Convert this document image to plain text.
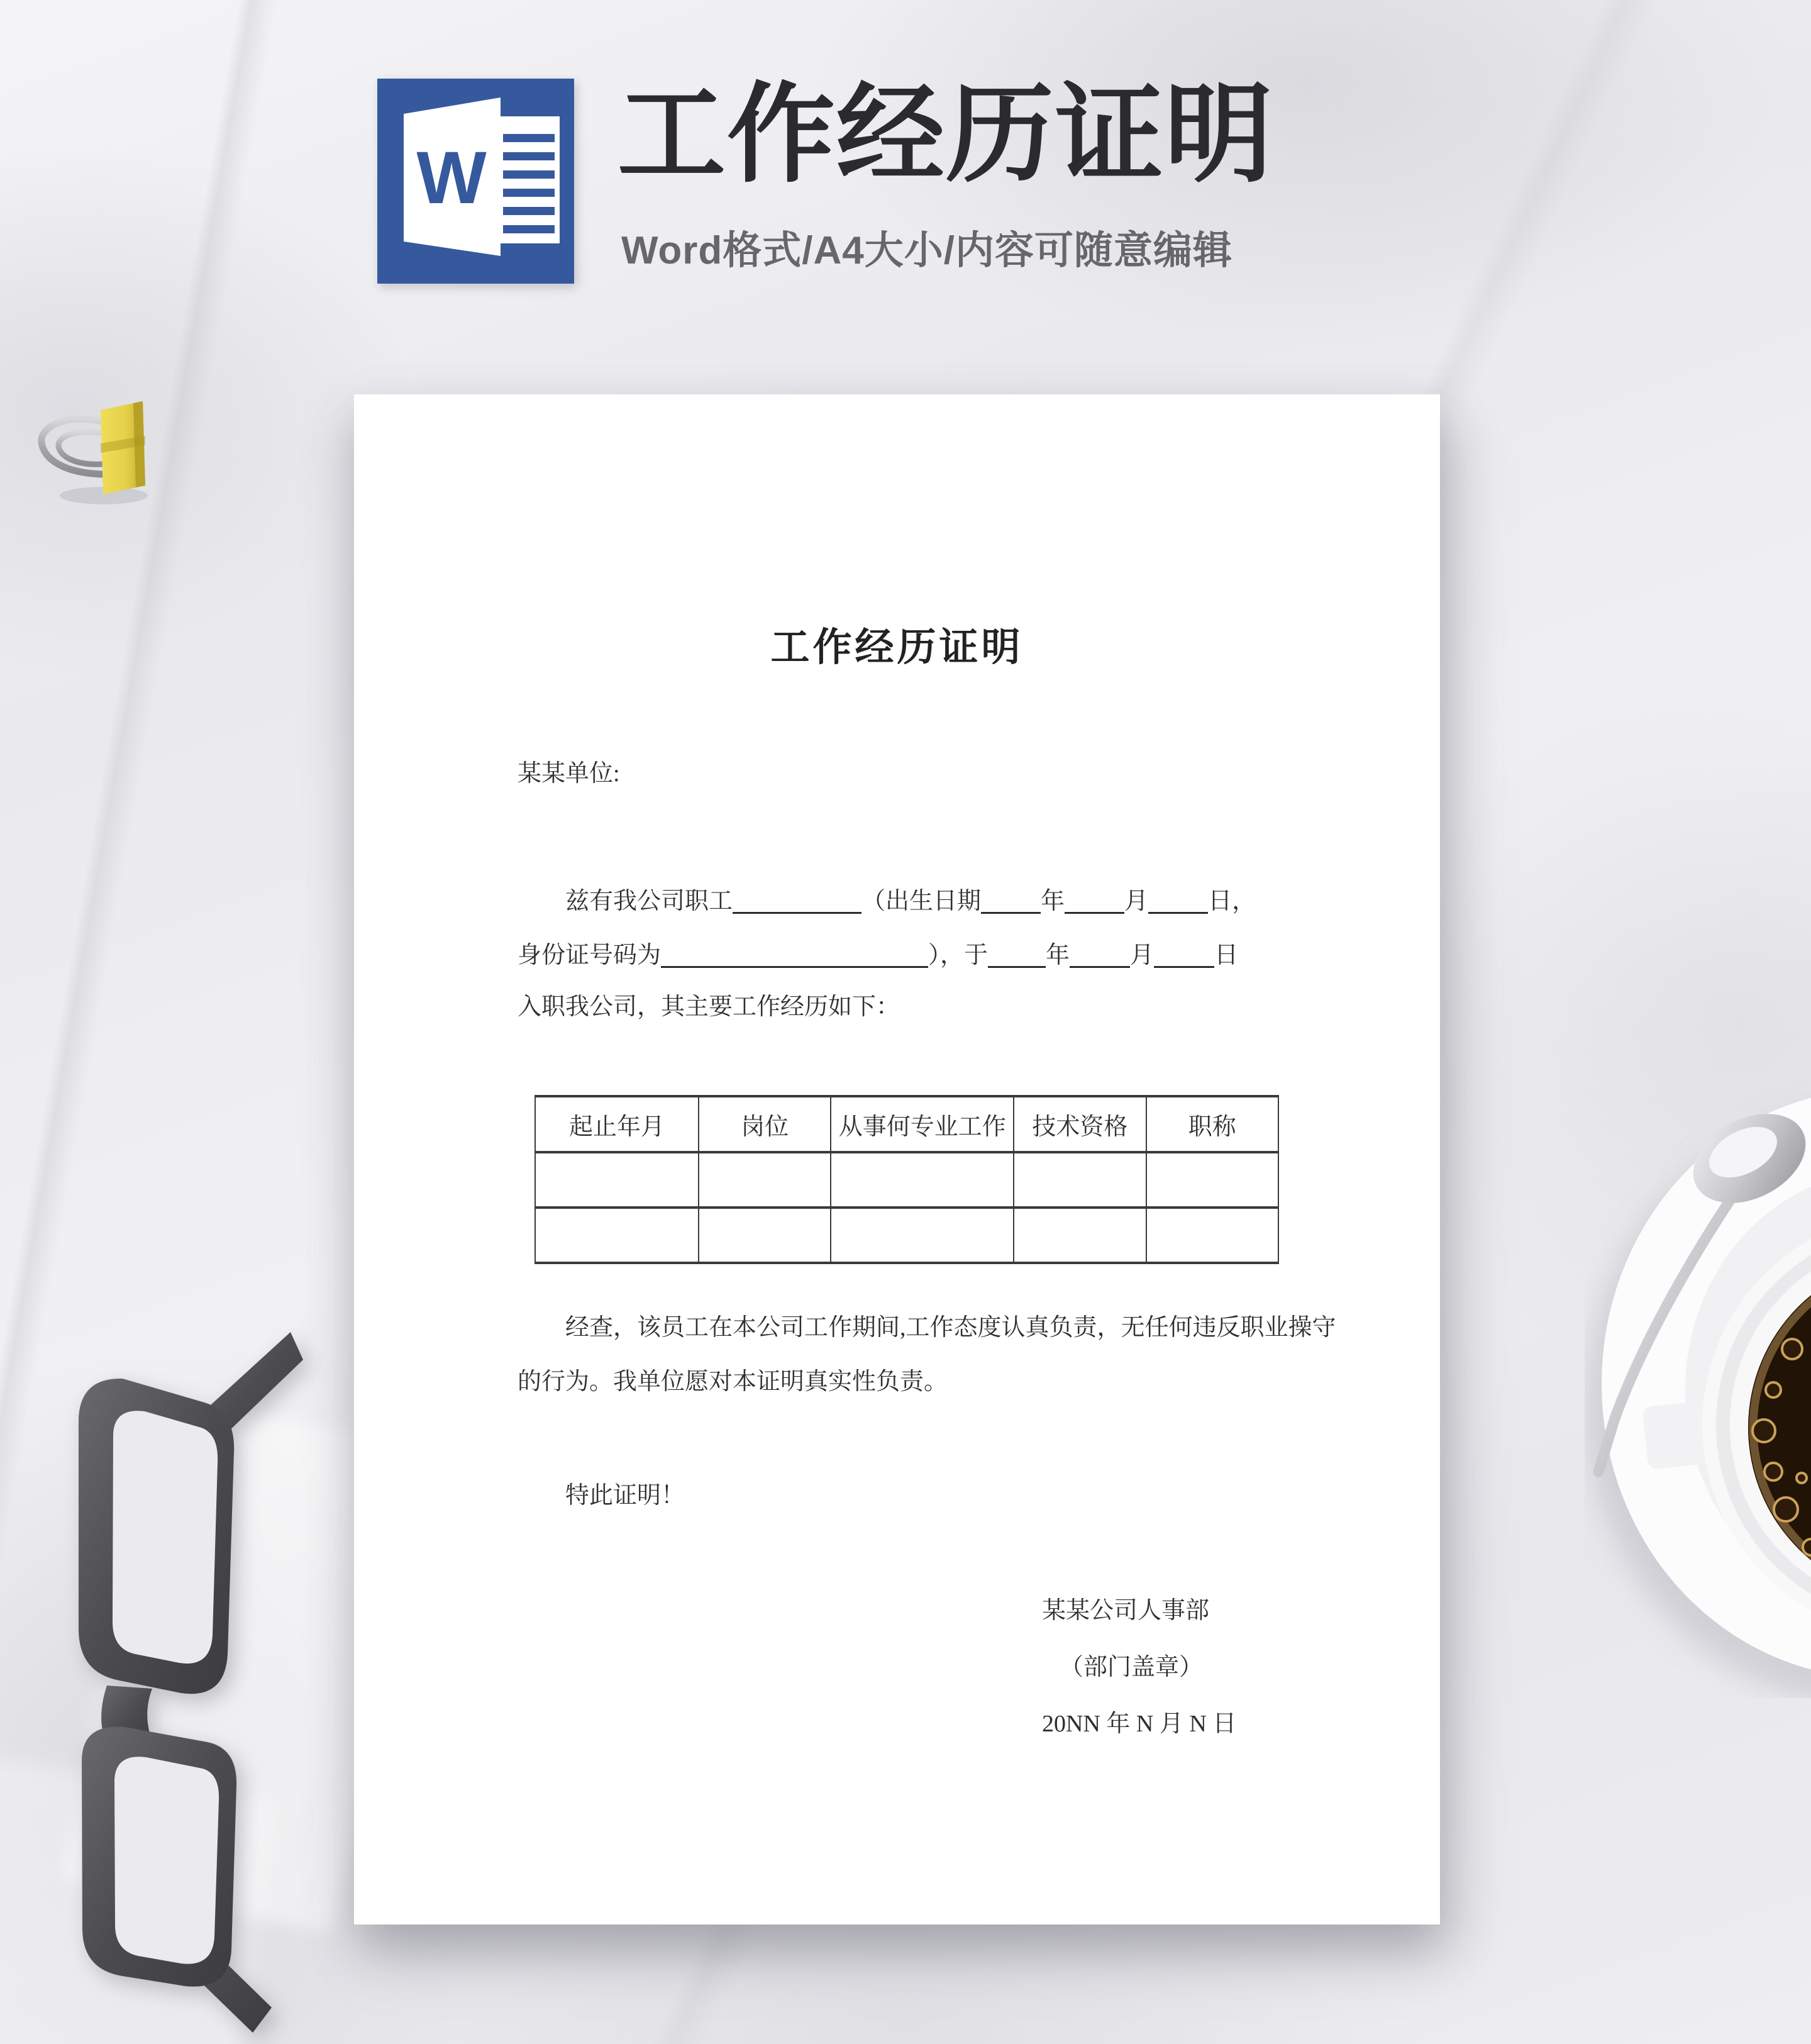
W 工作经历证明
Word格式/A4大小/内容可随意编辑
工作经历证明
某某单位:
兹有我公司职工	（出生日期	年	月	日，
身份证号码为	），于 年	月	日
入职我公司，其主要工作经历如下：
起止年月	岗位	从事何专业工作	技术资格	职称

经查，该员工在本公司工作期间,工作态度认真负责，无任何违反职业操守
的行为。我单位愿对本证明真实性负责。
特此证明！
某某公司人事部
（部门盖章）
20NN 年 N 月 N 日
